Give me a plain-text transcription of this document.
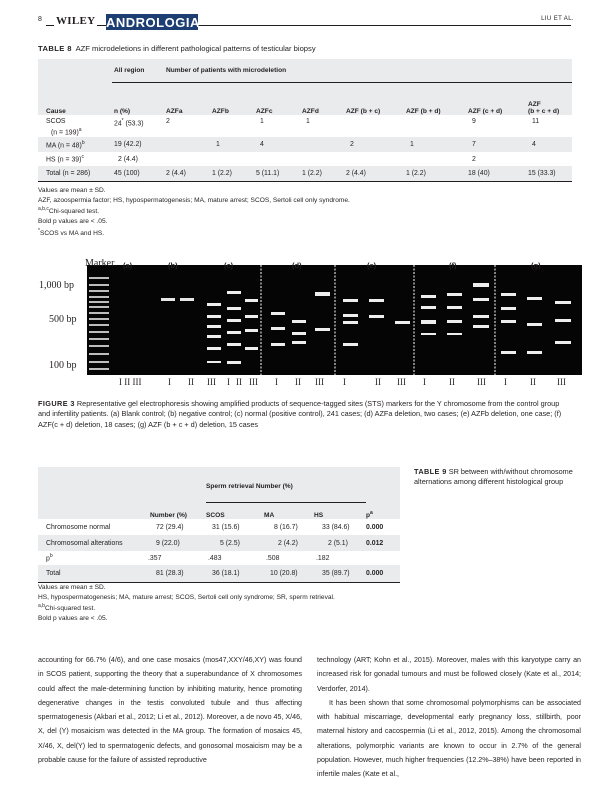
8 WILEY ANDROLOGIA	LIU ET AL.
TABLE 8 AZF microdeletions in different pathological patterns of testicular biopsy
	All region	Number of patients with microdeletion							
Cause	n (%)	AZFa	AZFb	AZFc	AZFd	AZF (b + c)	AZF (b + d)	AZF (c + d)	AZF
(b + c + d)

SCOS
(n = 199)$^a$	24* (53.3)	2		1	1			9	11
MA (n = 48)$^b$	19 (42.2)		1	4		2	1	7	4
HS (n = 39)$^c$	2 (4.4)							2	
Total (n = 286)	45 (100)	2 (4.4)	1 (2.2)	5 (11.1)	1 (2.2)	2 (4.4)	1 (2.2)	18 (40)	15 (33.3)
Values are mean ± SD.
AZF, azoospermia factor; HS, hypospermatogenesis; MA, mature arrest; SCOS, Sertoli cell only syndrome.
$^{a,b,c}$Chi-squared test.
Bold p values are < .05.
*SCOS vs MA and HS.
Marker (a)	(b)	(c)	(d)	(e)	(f)	(g)
1,000 bp
500 bp
100 bp
I II III	I II III I II III I II III I	II III I	II III I	II III
FIGURE 3 Representative gel electrophoresis showing amplified products of sequence-tagged sites (STS) markers for the Y chromosome from the control group and infertility patients. (a) Blank control; (b) negative control; (c) normal (positive control), 241 cases; (d) AZFa deletion, two cases; (e) AZFb deletion, one case; (f) AZF(c + d) deletion, 18 cases; (g) AZF (b + c + d) deletion, 15 cases
TABLE 9 SR between with/without chromosome alternations among different histological group
		Sperm retrieval Number (%)			
	Number (%)	SCOS	MA	HS	$p^a$
Chromosome normal	72 (29.4)	31 (15.6)	8 (16.7)	33 (84.6)	0.000
Chromosomal alterations	9 (22.0)	5 (2.5)	2 (4.2)	2 (5.1)	0.012
$p^b$	.357	.483	.508	.182	
Total	81 (28.3)	36 (18.1)	10 (20.8)	35 (89.7)	0.000
Values are mean ± SD.
HS, hypospermatogenesis; MA, mature arrest; SCOS, Sertoli cell only syndrome; SR, sperm retrieval.
$^{a,b}$Chi-squared test.
Bold p values are < .05.

accounting for 66.7% (4/6), and one case mosaics (mos47,XXY/46,XY) was found in SCOS patient, supporting the theory that a superabundance of X chromosomes could affect the male-determining function by inhibiting maturity, hence promoting degenerative changes in the testis convoluted tubule and thus affecting spermatogenesis (Akbari et al., 2012; Li et al., 2012). Moreover, a de novo 45, X/46, X, del (Y) mosaicism was detected in the MA group. The formation of mosaics 45, X/46, X, del(Y) led to spermatogenic defects, and gonosomal mosaicism may be a probable cause for the failure of assisted reproductive

technology (ART; Kohn et al., 2015). Moreover, males with this karyotype carry an increased risk for gonadal tumours and must be followed closely (Kate et al., 2014; Verdorfer, 2014).

It has been shown that some chromosomal polymorphisms can be associated with habitual miscarriage, developmental early pregnancy loss, stillbirth, poor maternal history and cacospermia (Li et al., 2012, 2015). Among the chromosomal alterations, polymorphic variants are known to occur in 2.7% of the general population. However, much higher frequencies (12.2%–38%) have been reported in infertile males (Kate et al.,
